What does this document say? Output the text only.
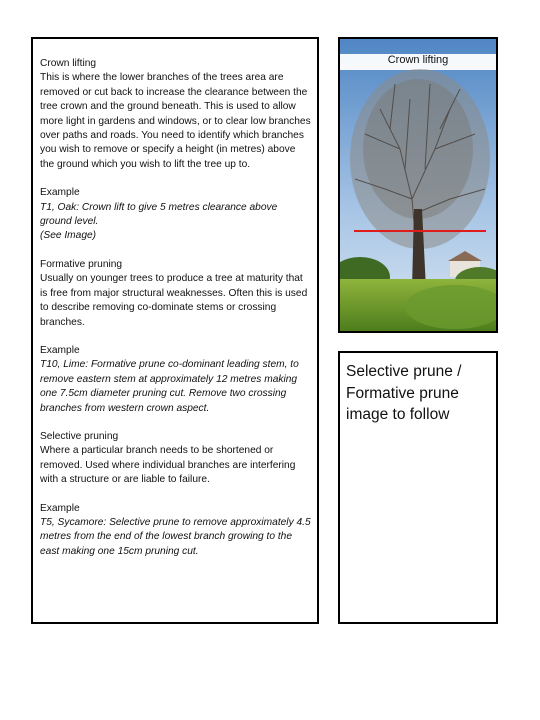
Crown lifting

This is where the lower branches of the trees area are removed or cut back to increase the clearance between the tree crown and the ground beneath. This is used to allow more light in gardens and windows, or to clear low branches over paths and roads. You need to identify which branches you wish to remove or specify a height (in metres) above the ground which you wish to lift the tree up to.

Example

T1, Oak: Crown lift to give 5 metres clearance above ground level.

(See Image)

Formative pruning

Usually on younger trees to produce a tree at maturity that is free from major structural weaknesses. Often this is used to describe removing co-dominate stems or crossing branches.

Example

T10, Lime: Formative prune co-dominant leading stem, to remove eastern stem at approximately 12 metres making one 7.5cm diameter pruning cut. Remove two crossing branches from western crown aspect.

Selective pruning

Where a particular branch needs to be shortened or removed. Used where individual branches are interfering with a structure or are liable to failure.

Example

T5, Sycamore: Selective prune to remove approximately 4.5 metres from the end of the lowest branch growing to the east making one 15cm pruning cut.

Crown lifting
Selective prune / Formative prune image to follow
